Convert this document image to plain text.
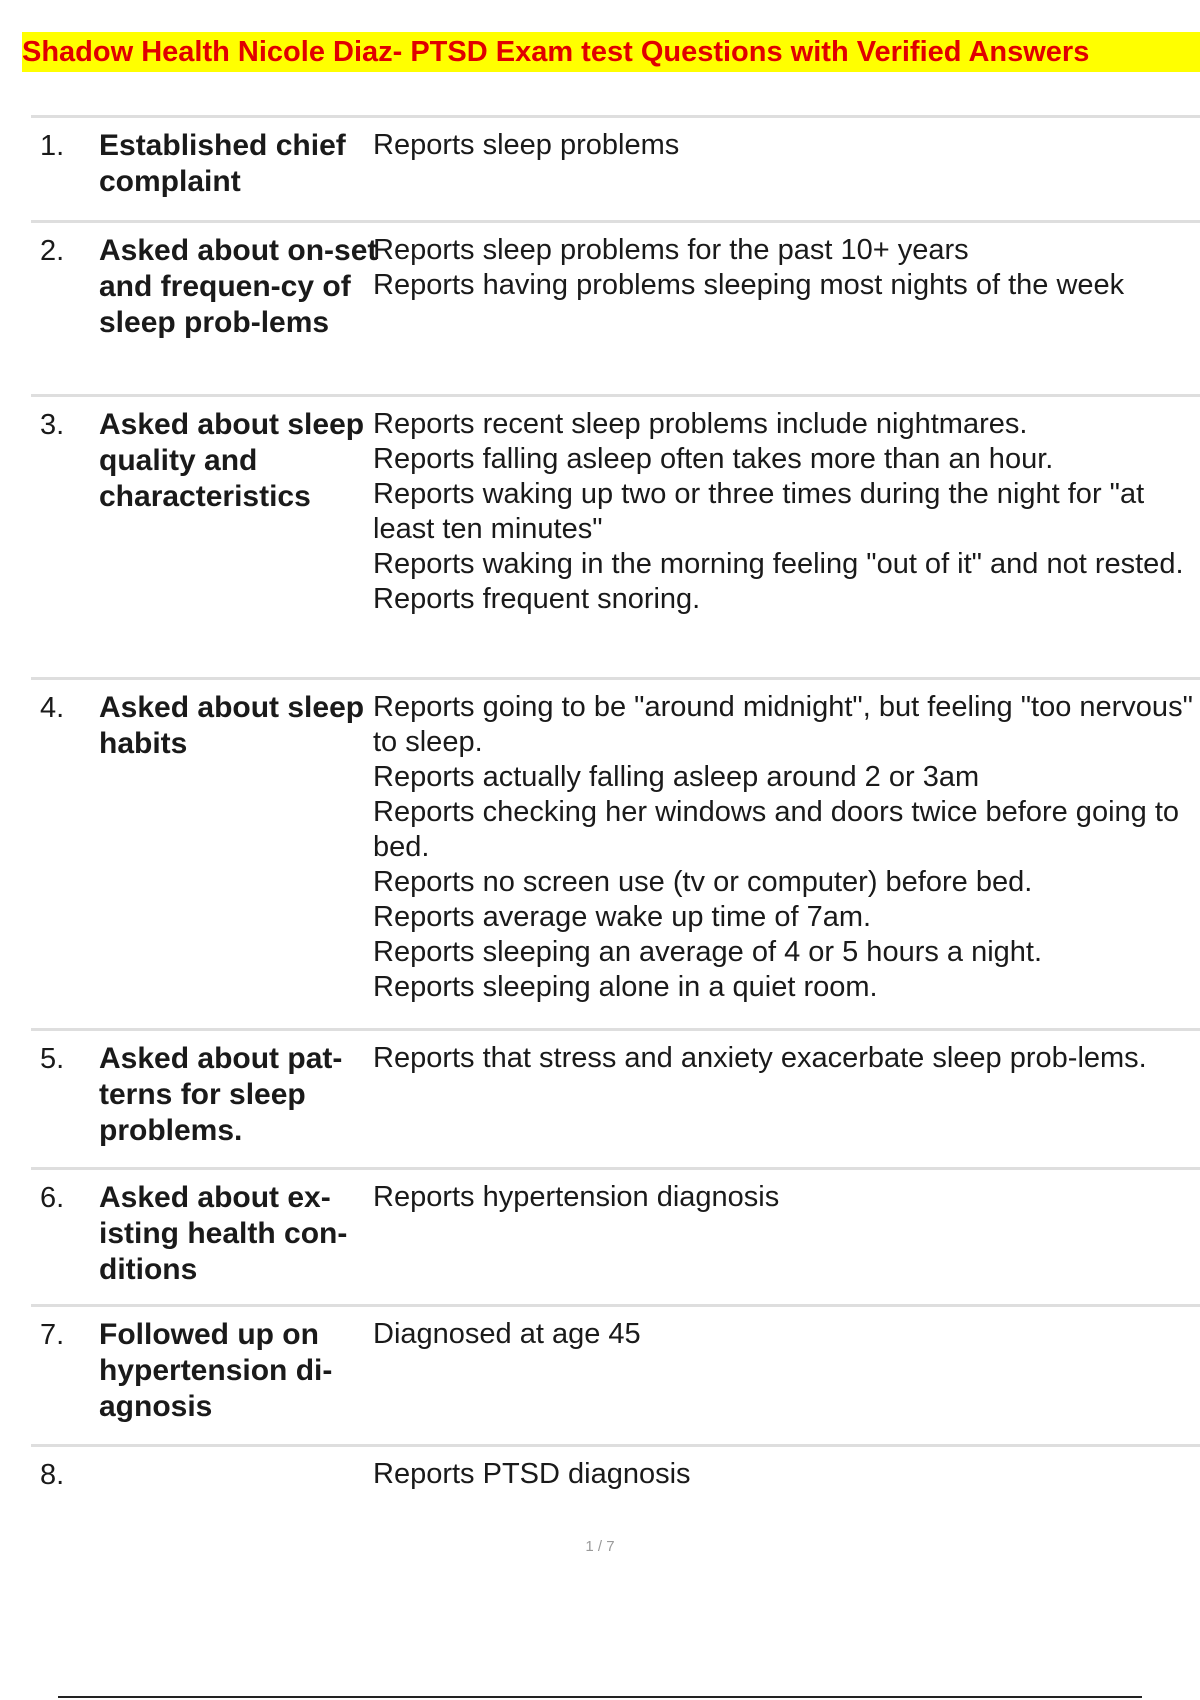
Shadow Health Nicole Diaz- PTSD Exam test Questions with Verified Answers
1. Established chief complaint
Reports sleep problems
2. Asked about on-set and frequen-cy of sleep prob-lems
Reports sleep problems for the past 10+ years
Reports having problems sleeping most nights of the week
3. Asked about sleep quality and characteristics
Reports recent sleep problems include nightmares.
Reports falling asleep often takes more than an hour.
Reports waking up two or three times during the night for "at least ten minutes"
Reports waking in the morning feeling "out of it" and not rested.
Reports frequent snoring.
4. Asked about sleep habits
Reports going to be "around midnight", but feeling "too nervous" to sleep.
Reports actually falling asleep around 2 or 3am
Reports checking her windows and doors twice before going to bed.
Reports no screen use (tv or computer) before bed.
Reports average wake up time of 7am.
Reports sleeping an average of 4 or 5 hours a night.
Reports sleeping alone in a quiet room.
5. Asked about pat-terns for sleep problems.
Reports that stress and anxiety exacerbate sleep prob-lems.
6. Asked about ex-isting health con-ditions
Reports hypertension diagnosis
7. Followed up on hypertension di-agnosis
Diagnosed at age 45
8.	Reports PTSD diagnosis
1 / 7
